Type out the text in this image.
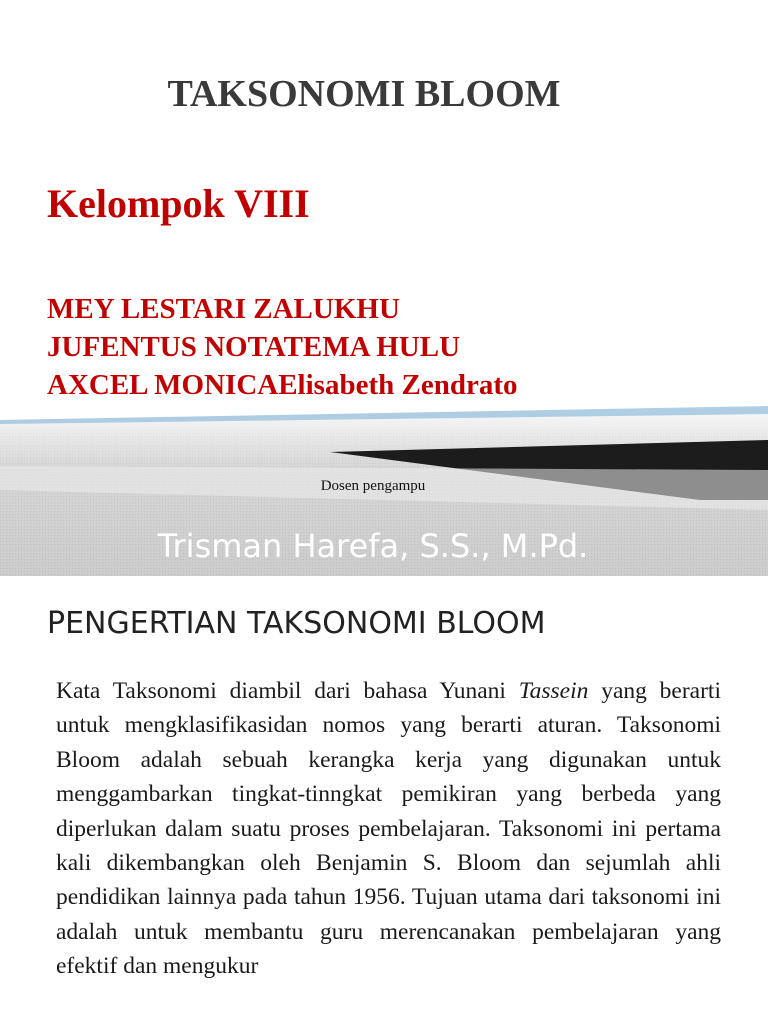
TAKSONOMI BLOOM
Kelompok VIII
MEY LESTARI ZALUKHU
JUFENTUS NOTATEMA HULU
AXCEL MONICAElisabeth Zendrato
Dosen pengampu
Trisman Harefa, S.S., M.Pd.
PENGERTIAN TAKSONOMI BLOOM

Kata Taksonomi diambil dari bahasa Yunani Tassein yang berarti untuk mengklasifikasidan nomos yang berarti aturan. Taksonomi Bloom adalah sebuah kerangka kerja yang digunakan untuk menggambarkan tingkat-tinngkat pemikiran yang berbeda yang diperlukan dalam suatu proses pembelajaran. Taksonomi ini pertama kali dikembangkan oleh Benjamin S. Bloom dan sejumlah ahli pendidikan lainnya pada tahun 1956. Tujuan utama dari taksonomi ini adalah untuk membantu guru merencanakan pembelajaran yang efektif dan mengukur
